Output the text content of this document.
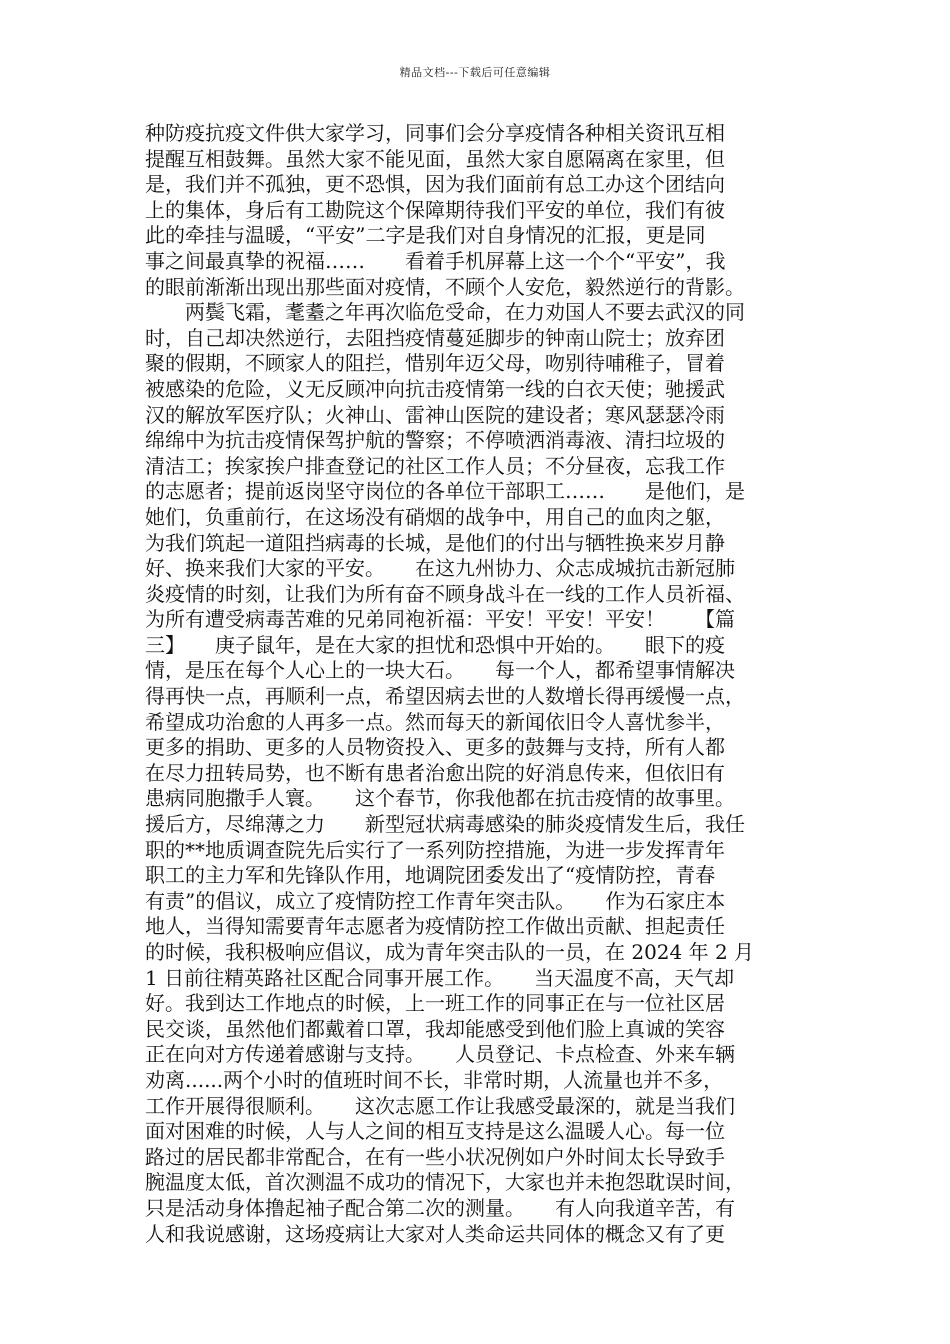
精品文档---下载后可任意编辑
种防疫抗疫文件供大家学习，同事们会分享疫情各种相关资讯互相
提醒互相鼓舞。虽然大家不能见面，虽然大家自愿隔离在家里，但
是，我们并不孤独，更不恐惧，因为我们面前有总工办这个团结向
上的集体，身后有工勘院这个保障期待我们平安的单位，我们有彼
此的牵挂与温暖，“平安”二字是我们对自身情况的汇报，更是同
事之间最真挚的祝福……　　看着手机屏幕上这一个个“平安”，我
的眼前渐渐出现出那些面对疫情，不顾个人安危，毅然逆行的背影。
　　两鬓飞霜，耄耋之年再次临危受命，在力劝国人不要去武汉的同
时，自己却决然逆行，去阻挡疫情蔓延脚步的钟南山院士；放弃团
聚的假期，不顾家人的阻拦，惜别年迈父母，吻别待哺稚子，冒着
被感染的危险，义无反顾冲向抗击疫情第一线的白衣天使；驰援武
汉的解放军医疗队；火神山、雷神山医院的建设者；寒风瑟瑟冷雨
绵绵中为抗击疫情保驾护航的警察；不停喷洒消毒液、清扫垃圾的
清洁工；挨家挨户排查登记的社区工作人员；不分昼夜，忘我工作
的志愿者；提前返岗坚守岗位的各单位干部职工……　　是他们，是
她们，负重前行，在这场没有硝烟的战争中，用自己的血肉之躯，
为我们筑起一道阻挡病毒的长城，是他们的付出与牺牲换来岁月静
好、换来我们大家的平安。　　在这九州协力、众志成城抗击新冠肺
炎疫情的时刻，让我们为所有奋不顾身战斗在一线的工作人员祈福、
为所有遭受病毒苦难的兄弟同袍祈福：平安！平安！平安！　　【篇
三】　　庚子鼠年，是在大家的担忧和恐惧中开始的。　　眼下的疫
情，是压在每个人心上的一块大石。　　每一个人，都希望事情解决
得再快一点，再顺利一点，希望因病去世的人数增长得再缓慢一点，
希望成功治愈的人再多一点。然而每天的新闻依旧令人喜忧参半，
更多的捐助、更多的人员物资投入、更多的鼓舞与支持，所有人都
在尽力扭转局势，也不断有患者治愈出院的好消息传来，但依旧有
患病同胞撒手人寰。　　这个春节，你我他都在抗击疫情的故事里。
援后方，尽绵薄之力　　新型冠状病毒感染的肺炎疫情发生后，我任
职的**地质调查院先后实行了一系列防控措施，为进一步发挥青年
职工的主力军和先锋队作用，地调院团委发出了“疫情防控，青春
有责”的倡议，成立了疫情防控工作青年突击队。　　作为石家庄本
地人，当得知需要青年志愿者为疫情防控工作做出贡献、担起责任
的时候，我积极响应倡议，成为青年突击队的一员，在 2024 年 2 月
1 日前往精英路社区配合同事开展工作。　　当天温度不高，天气却
好。我到达工作地点的时候，上一班工作的同事正在与一位社区居
民交谈，虽然他们都戴着口罩，我却能感受到他们脸上真诚的笑容
正在向对方传递着感谢与支持。　　人员登记、卡点检查、外来车辆
劝离......两个小时的值班时间不长，非常时期，人流量也并不多，
工作开展得很顺利。　　这次志愿工作让我感受最深的，就是当我们
面对困难的时候，人与人之间的相互支持是这么温暖人心。每一位
路过的居民都非常配合，在有一些小状况例如户外时间太长导致手
腕温度太低，首次测温不成功的情况下，大家也并未抱怨耽误时间，
只是活动身体撸起袖子配合第二次的测量。　　有人向我道辛苦，有
人和我说感谢，这场疫病让大家对人类命运共同体的概念又有了更
